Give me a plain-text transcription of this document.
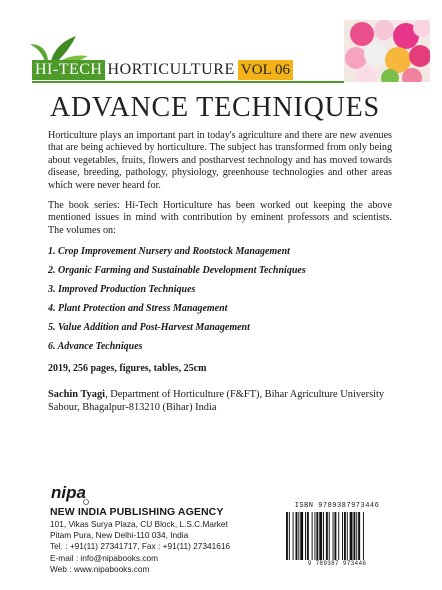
HI-TECH HORTICULTURE VOL 06
ADVANCE TECHNIQUES

Horticulture plays an important part in today's agriculture and there are new avenues that are being achieved by horticulture. The subject has transformed from only being about vegetables, fruits, flowers and postharvest technology and has moved towards disease, breeding, pathology, physiology, greenhouse technologies and other areas which were never heard for.

The book series: Hi-Tech Horticulture has been worked out keeping the above mentioned issues in mind with contribution by eminent professors and scientists. The volumes on:

1. Crop Improvement Nursery and Rootstock Management
2. Organic Farming and Sustainable Development Techniques
3. Improved Production Techniques
4. Plant Protection and Stress Management
5. Value Addition and Post-Harvest Management
6. Advance Techniques
2019, 256 pages, figures, tables, 25cm
Sachin Tyagi, Department of Horticulture (F&FT), Bihar Agriculture University Sabour, Bhagalpur-813210 (Bihar) India
nipa
NEW INDIA PUBLISHING AGENCY
101, Vikas Surya Plaza, CU Block, L.S.C.Market
Pitam Pura, New Delhi-110 034, India
Tel. : +91(11) 27341717, Fax : +91(11) 27341616
E-mail : info@nipabooks.com
Web : www.nipabooks.com
ISBN 9789387973446
9 789387 973446
